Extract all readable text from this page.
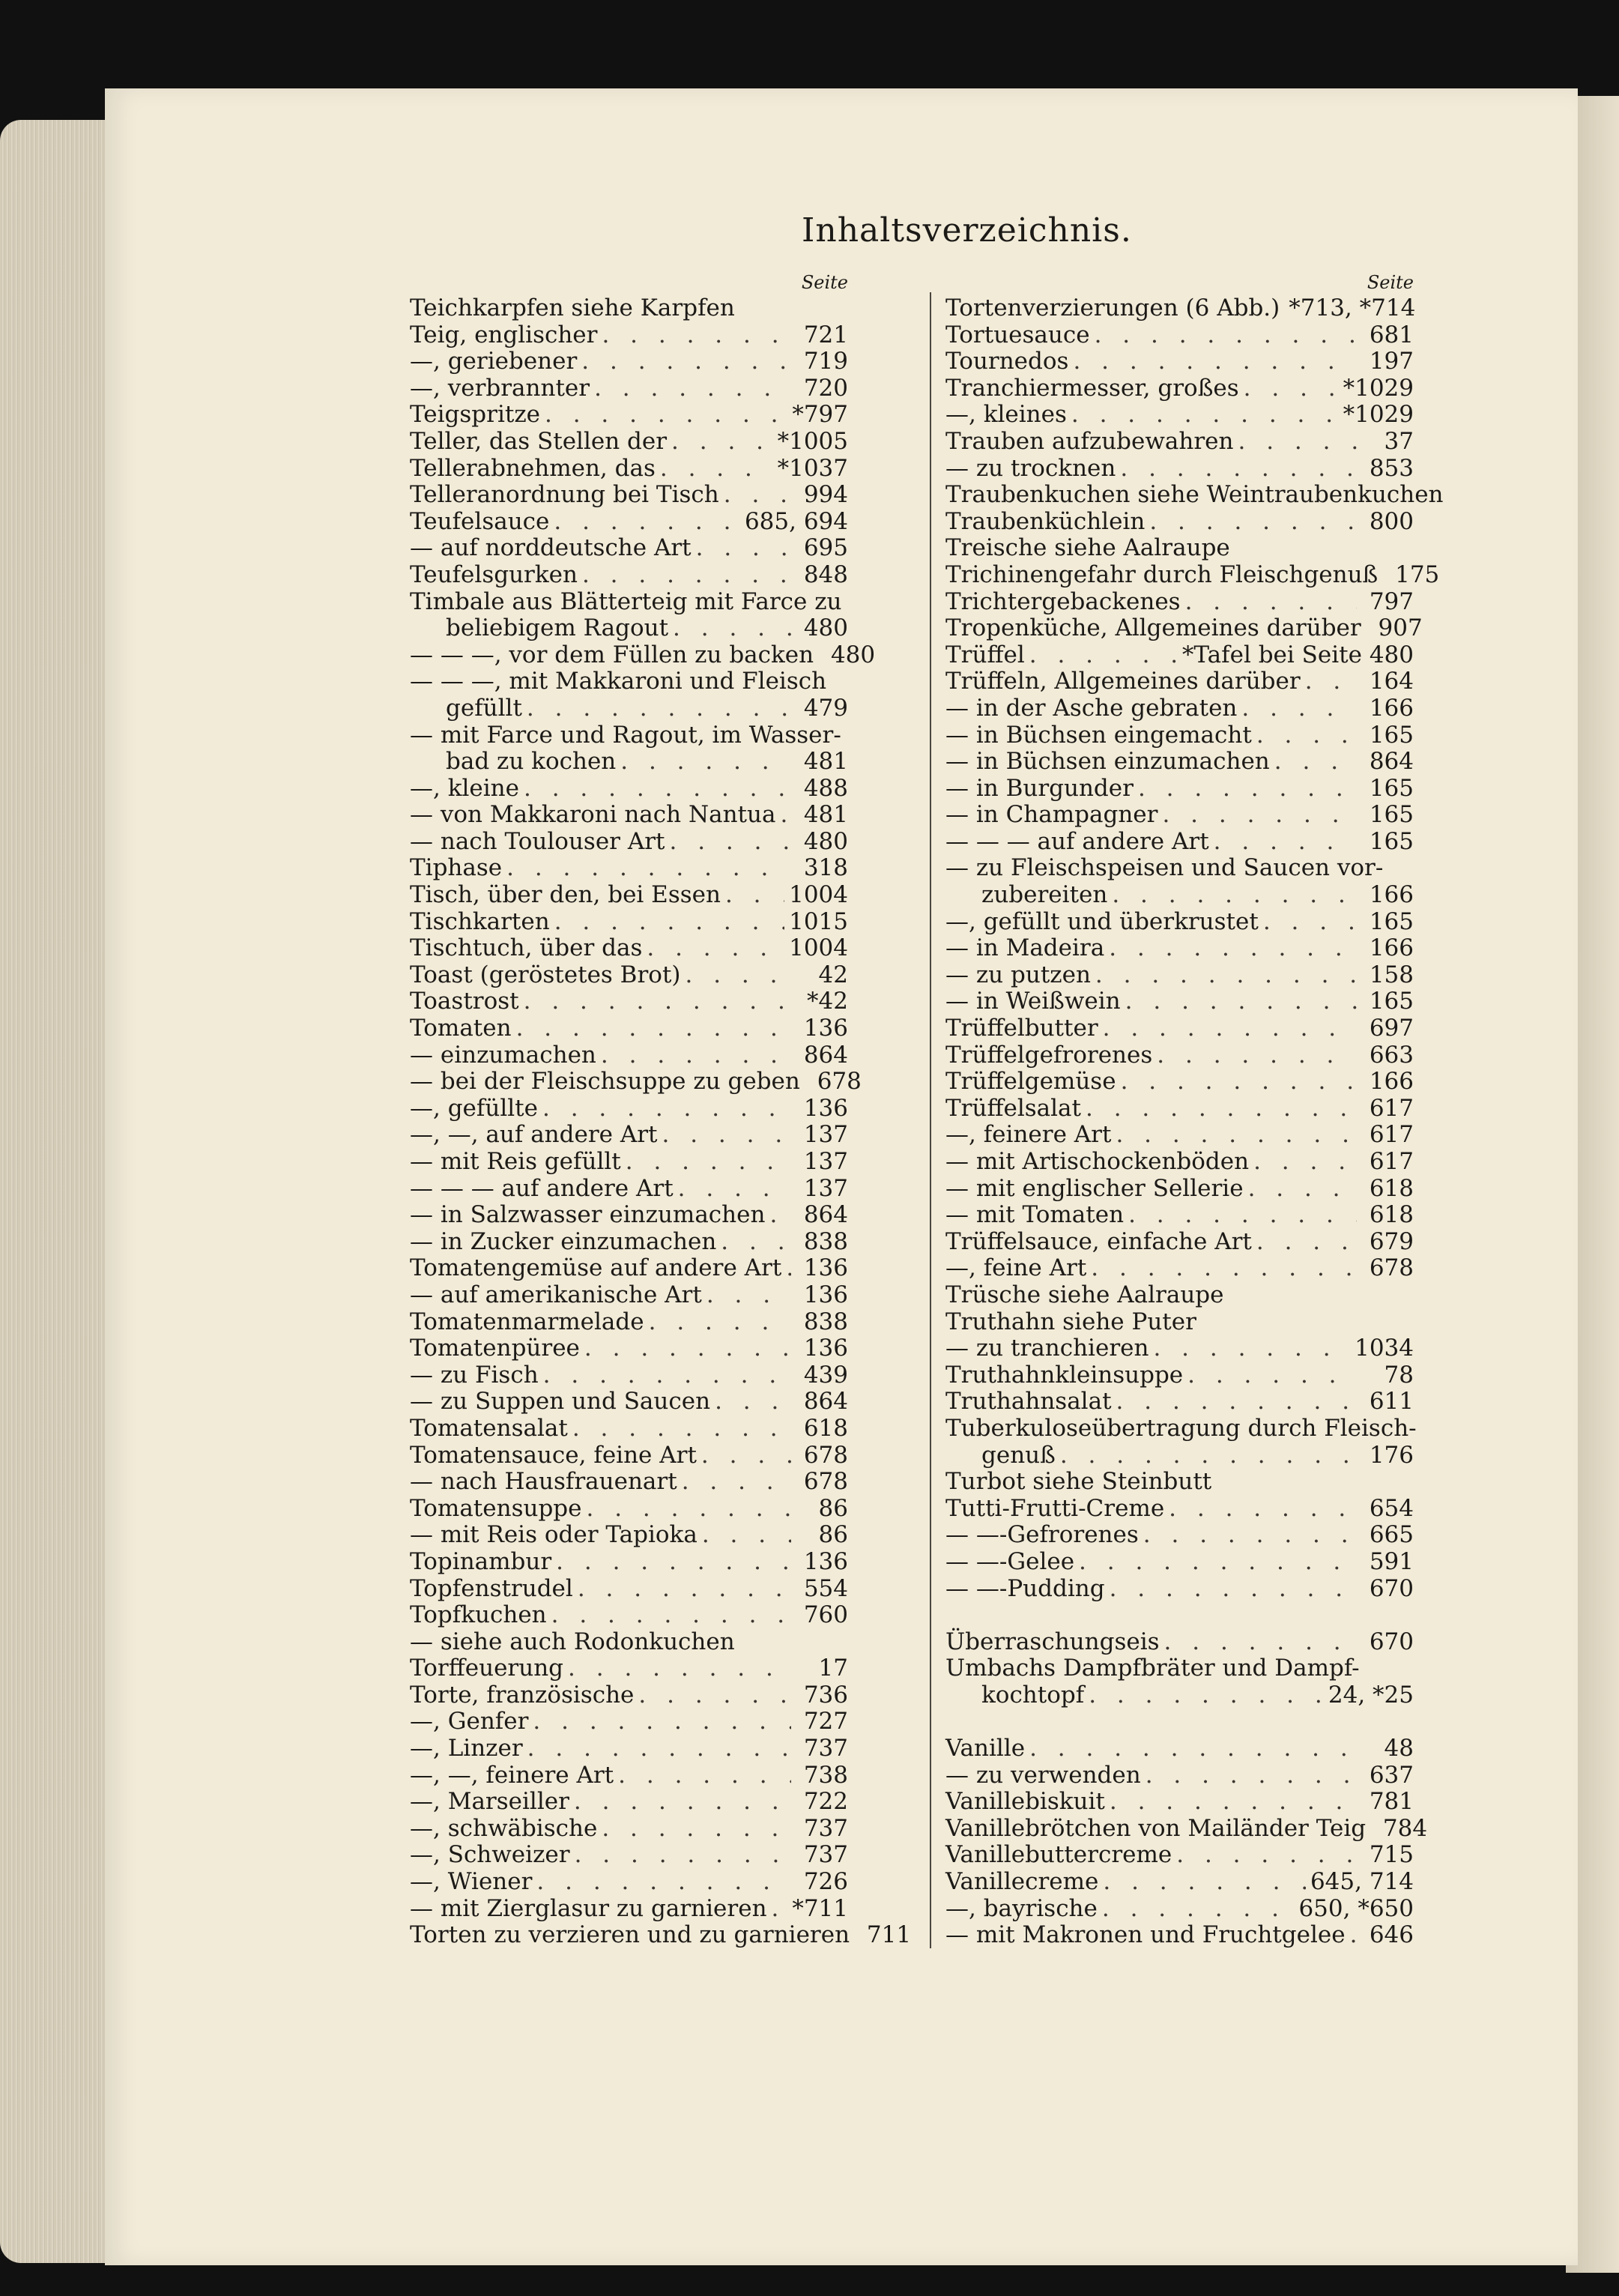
Inhaltsverzeichnis.
Seite
Teichkarpfen siehe Karpfen
Teig, englischer . . .	721
—, geriebener . . .	719
—, verbrannter . . .	720
Teigspritze . . .	*797
Teller, das Stellen der . . .	*1005
Tellerabnehmen, das . . .	*1037
Telleranordnung bei Tisch . . .	994
Teufelsauce . . .	685, 694
— auf norddeutsche Art . . .	695
Teufelsgurken . . .	848
Timbale aus Blätterteig mit Farce zu
beliebigem Ragout . . .	480
— — —, vor dem Füllen zu backen 480
— — —, mit Makkaroni und Fleisch
gefüllt . . .	479
— mit Farce und Ragout, im Wasser-
bad zu kochen . . .	481
—, kleine . . .	488
— von Makkaroni nach Nantua . . .	481
— nach Toulouser Art . . .	480
Tiphase . . .	318
Tisch, über den, bei Essen . . .	1004
Tischkarten . . .	1015
Tischtuch, über das . . .	1004
Toast (geröstetes Brot) . . .	42
Toastrost . . .	*42
Tomaten . . .	136
— einzumachen . . .	864
— bei der Fleischsuppe zu geben 678
—, gefüllte . . .	136
—, —, auf andere Art . . .	137
— mit Reis gefüllt . . .	137
— — — auf andere Art . . .	137
— in Salzwasser einzumachen . . .	864
— in Zucker einzumachen . . .	838
Tomatengemüse auf andere Art . . . 136
— auf amerikanische Art . . .	136
Tomatenmarmelade . . .	838
Tomatenpüree . . .	136
— zu Fisch . . .	439
— zu Suppen und Saucen . . .	864
Tomatensalat . . .	618
Tomatensauce, feine Art . . .	678
— nach Hausfrauenart . . .	678
Tomatensuppe . . .	86
— mit Reis oder Tapioka . . .	86
Topinambur . . .	136
Topfenstrudel . . .	554
Topfkuchen . . .	760
— siehe auch Rodonkuchen
Torffeuerung . . .	17
Torte, französische . . .	736
—, Genfer . . .	727
—, Linzer . . .	737
—, —, feinere Art . . .	738
—, Marseiller . . .	722
—, schwäbische . . .	737
—, Schweizer . . .	737
—, Wiener . . .	726
— mit Zierglasur zu garnieren . . . *711
Torten zu verzieren und zu garnieren 711
Seite
Tortenverzierungen (6 Abb.) *713, *714
Tortuesauce . . .	681
Tournedos . . .	197
Tranchiermesser, großes . . .	*1029
—, kleines . . .	*1029
Trauben aufzubewahren . . .	37
— zu trocknen . . .	853
Traubenkuchen siehe Weintraubenkuchen
Traubenküchlein . . .	800
Treische siehe Aalraupe
Trichinengefahr durch Fleischgenuß 175
Trichtergebackenes . . .	797
Tropenküche, Allgemeines darüber 907
Trüffel . . .	*Tafel bei Seite 480
Trüffeln, Allgemeines darüber . . .	164
— in der Asche gebraten . . .	166
— in Büchsen eingemacht . . .	165
— in Büchsen einzumachen . . .	864
— in Burgunder . . .	165
— in Champagner . . .	165
— — — auf andere Art . . .	165
— zu Fleischspeisen und Saucen vor-
zubereiten . . .	166
—, gefüllt und überkrustet . . .	165
— in Madeira . . .	166
— zu putzen . . .	158
— in Weißwein . . .	165
Trüffelbutter . . .	697
Trüffelgefrorenes . . .	663
Trüffelgemüse . . .	166
Trüffelsalat . . .	617
—, feinere Art . . .	617
— mit Artischockenböden . . .	617
— mit englischer Sellerie . . .	618
— mit Tomaten . . .	618
Trüffelsauce, einfache Art . . .	679
—, feine Art . . .	678
Trüsche siehe Aalraupe
Truthahn siehe Puter
— zu tranchieren . . .	1034
Truthahnkleinsuppe . . .	78
Truthahnsalat . . .	611
Tuberkuloseübertragung durch Fleisch-
genuß . . .	176
Turbot siehe Steinbutt
Tutti-Frutti-Creme . . .	654
— —-Gefrorenes . . .	665
— —-Gelee . . .	591
— —-Pudding . . .	670
Überraschungseis . . .	670
Umbachs Dampfbräter und Dampf-
kochtopf . . .	24, *25
Vanille . . .	48
— zu verwenden . . .	637
Vanillebiskuit . . .	781
Vanillebrötchen von Mailänder Teig 784
Vanillebuttercreme . . .	715
Vanillecreme . . .	645, 714
—, bayrische . . .	650, *650
— mit Makronen und Fruchtgelee . . .	646
